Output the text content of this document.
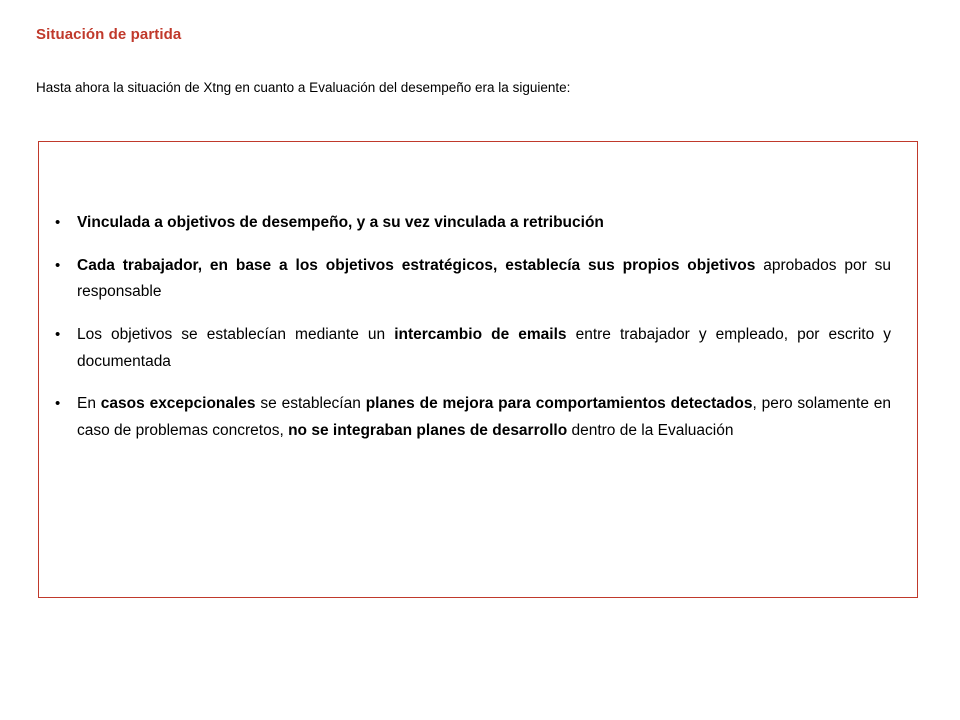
Situación de partida
Hasta ahora la situación de Xtng en cuanto a Evaluación del desempeño era la siguiente:
• Vinculada a objetivos de desempeño, y a su vez vinculada a retribución
• Cada trabajador, en base a los objetivos estratégicos, establecía sus propios objetivos aprobados por su responsable
• Los objetivos se establecían mediante un intercambio de emails entre trabajador y empleado, por escrito y documentada
• En casos excepcionales se establecían planes de mejora para comportamientos detectados, pero solamente en caso de problemas concretos, no se integraban planes de desarrollo dentro de la Evaluación
